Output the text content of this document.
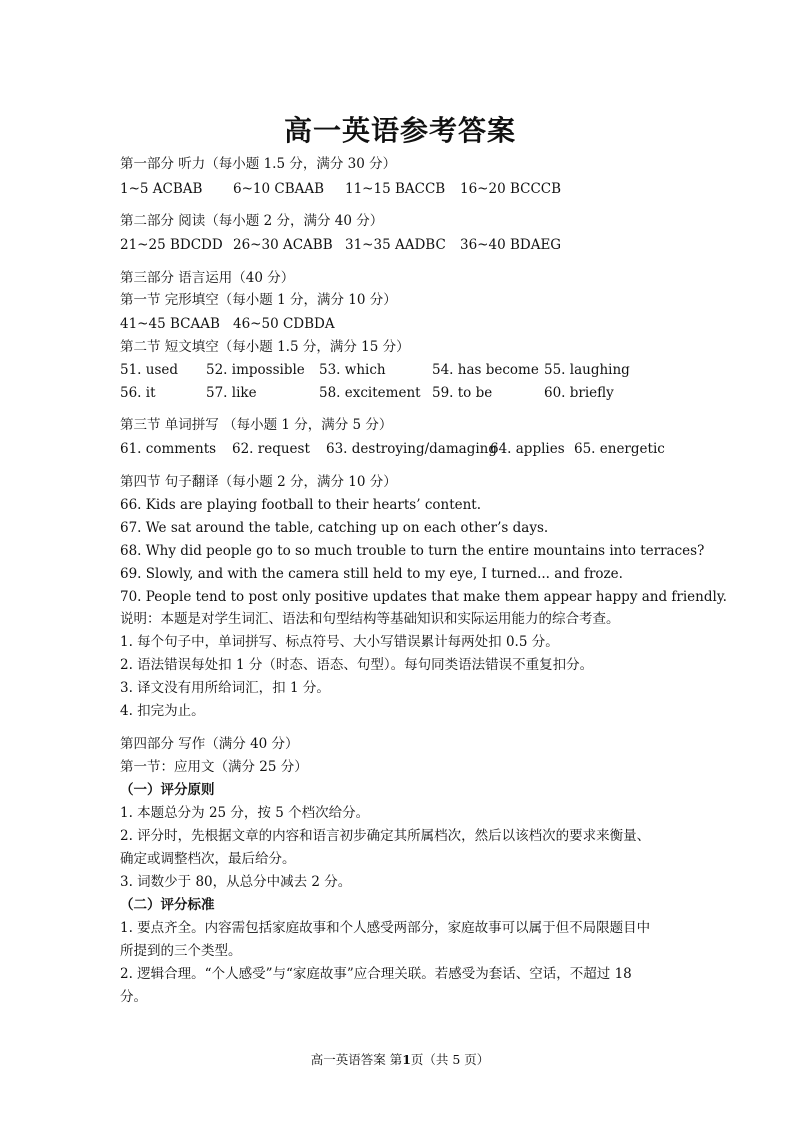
高一英语参考答案
第一部分 听力（每小题 1.5 分，满分 30 分）
1~5 ACBAB 6~10 CBAAB 11~15 BACCB 16~20 BCCCB
第二部分 阅读（每小题 2 分，满分 40 分）
21~25 BDCDD 26~30 ACABB 31~35 AADBC 36~40 BDAEG
第三部分 语言运用（40 分）
第一节 完形填空（每小题 1 分，满分 10 分）
41~45 BCAAB 46~50 CDBDA
第二节 短文填空（每小题 1.5 分，满分 15 分）
51. used 52. impossible 53. which	54. has become 55. laughing
56. it	57. like	58. excitement 59. to be	60. briefly
第三节 单词拼写 （每小题 1 分，满分 5 分）
61. comments 62. request 63. destroying/damaging
64. applies 65. energetic
第四节 句子翻译（每小题 2 分，满分 10 分）
66. Kids are playing football to their hearts’ content.
67. We sat around the table, catching up on each other’s days.
68. Why did people go to so much trouble to turn the entire mountains into terraces?
69. Slowly, and with the camera still held to my eye, I turned... and froze.
70. People tend to post only positive updates that make them appear happy and friendly.
说明：本题是对学生词汇、语法和句型结构等基础知识和实际运用能力的综合考查。
1. 每个句子中，单词拼写、标点符号、大小写错误累计每两处扣 0.5 分。
2. 语法错误每处扣 1 分（时态、语态、句型）。每句同类语法错误不重复扣分。
3. 译文没有用所给词汇，扣 1 分。
4. 扣完为止。
第四部分 写作（满分 40 分）
第一节：应用文（满分 25 分）
（一）评分原则
1. 本题总分为 25 分，按 5 个档次给分。
2. 评分时，先根据文章的内容和语言初步确定其所属档次，然后以该档次的要求来衡量、
确定或调整档次，最后给分。
3. 词数少于 80，从总分中减去 2 分。
（二）评分标准
1. 要点齐全。内容需包括家庭故事和个人感受两部分，家庭故事可以属于但不局限题目中
所提到的三个类型。
2. 逻辑合理。“个人感受”与“家庭故事”应合理关联。若感受为套话、空话，不超过 18
分。
高一英语答案 第1页（共 5 页）
